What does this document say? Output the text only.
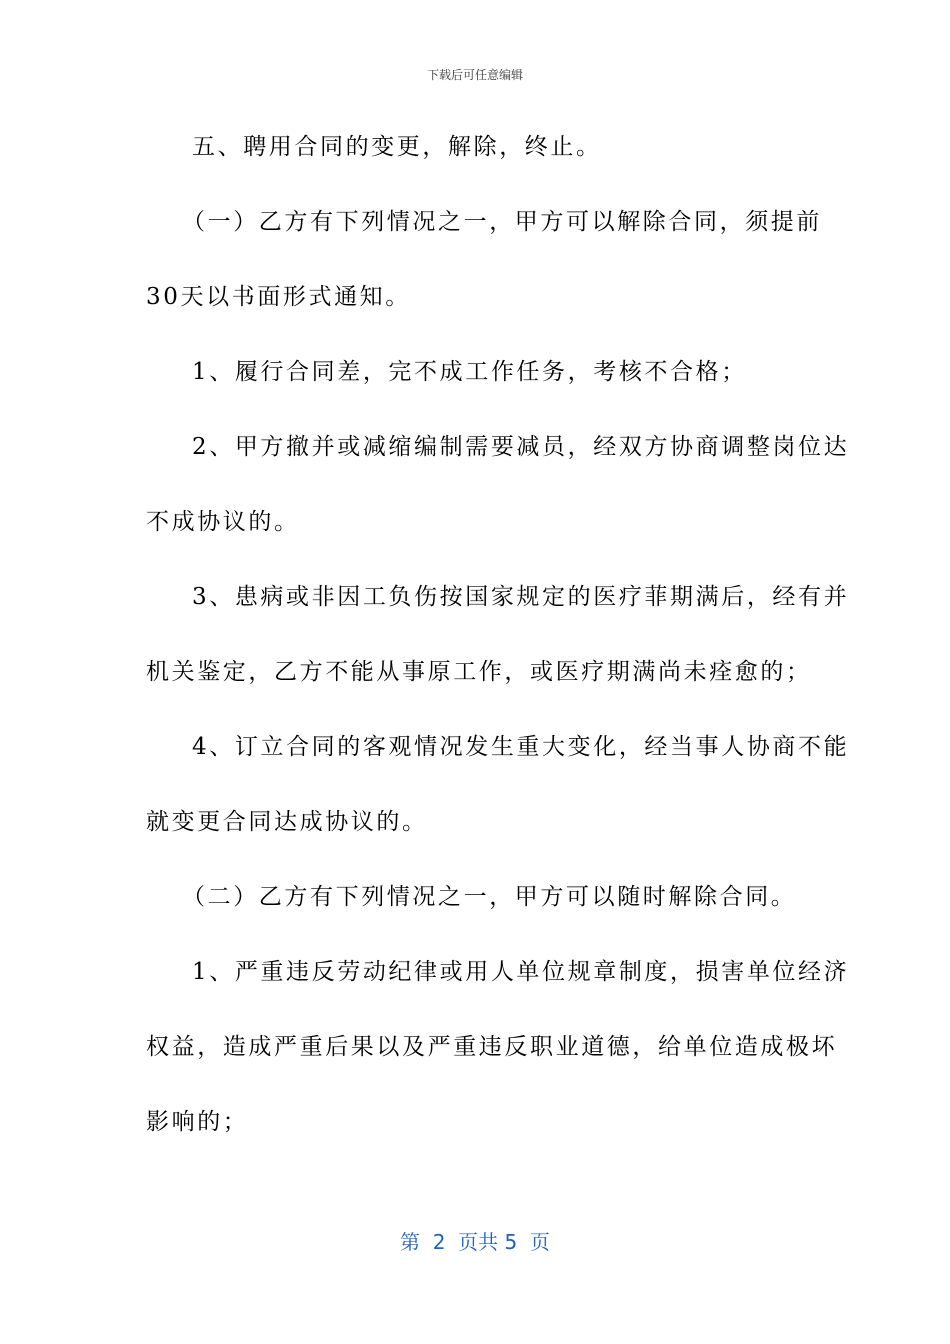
下载后可任意编辑
五、聘用合同的变更，解除，终止。
（一）乙方有下列情况之一，甲方可以解除合同，须提前
30天以书面形式通知。
1、履行合同差，完不成工作任务，考核不合格；
2、甲方撤并或减缩编制需要减员，经双方协商调整岗位达
不成协议的。
3、患病或非因工负伤按国家规定的医疗菲期满后，经有并
机关鉴定，乙方不能从事原工作，或医疗期满尚未痊愈的；
4、订立合同的客观情况发生重大变化，经当事人协商不能
就变更合同达成协议的。
（二）乙方有下列情况之一，甲方可以随时解除合同。
1、严重违反劳动纪律或用人单位规章制度，损害单位经济
权益，造成严重后果以及严重违反职业道德，给单位造成极坏
影响的；
第  2  页共 5  页
